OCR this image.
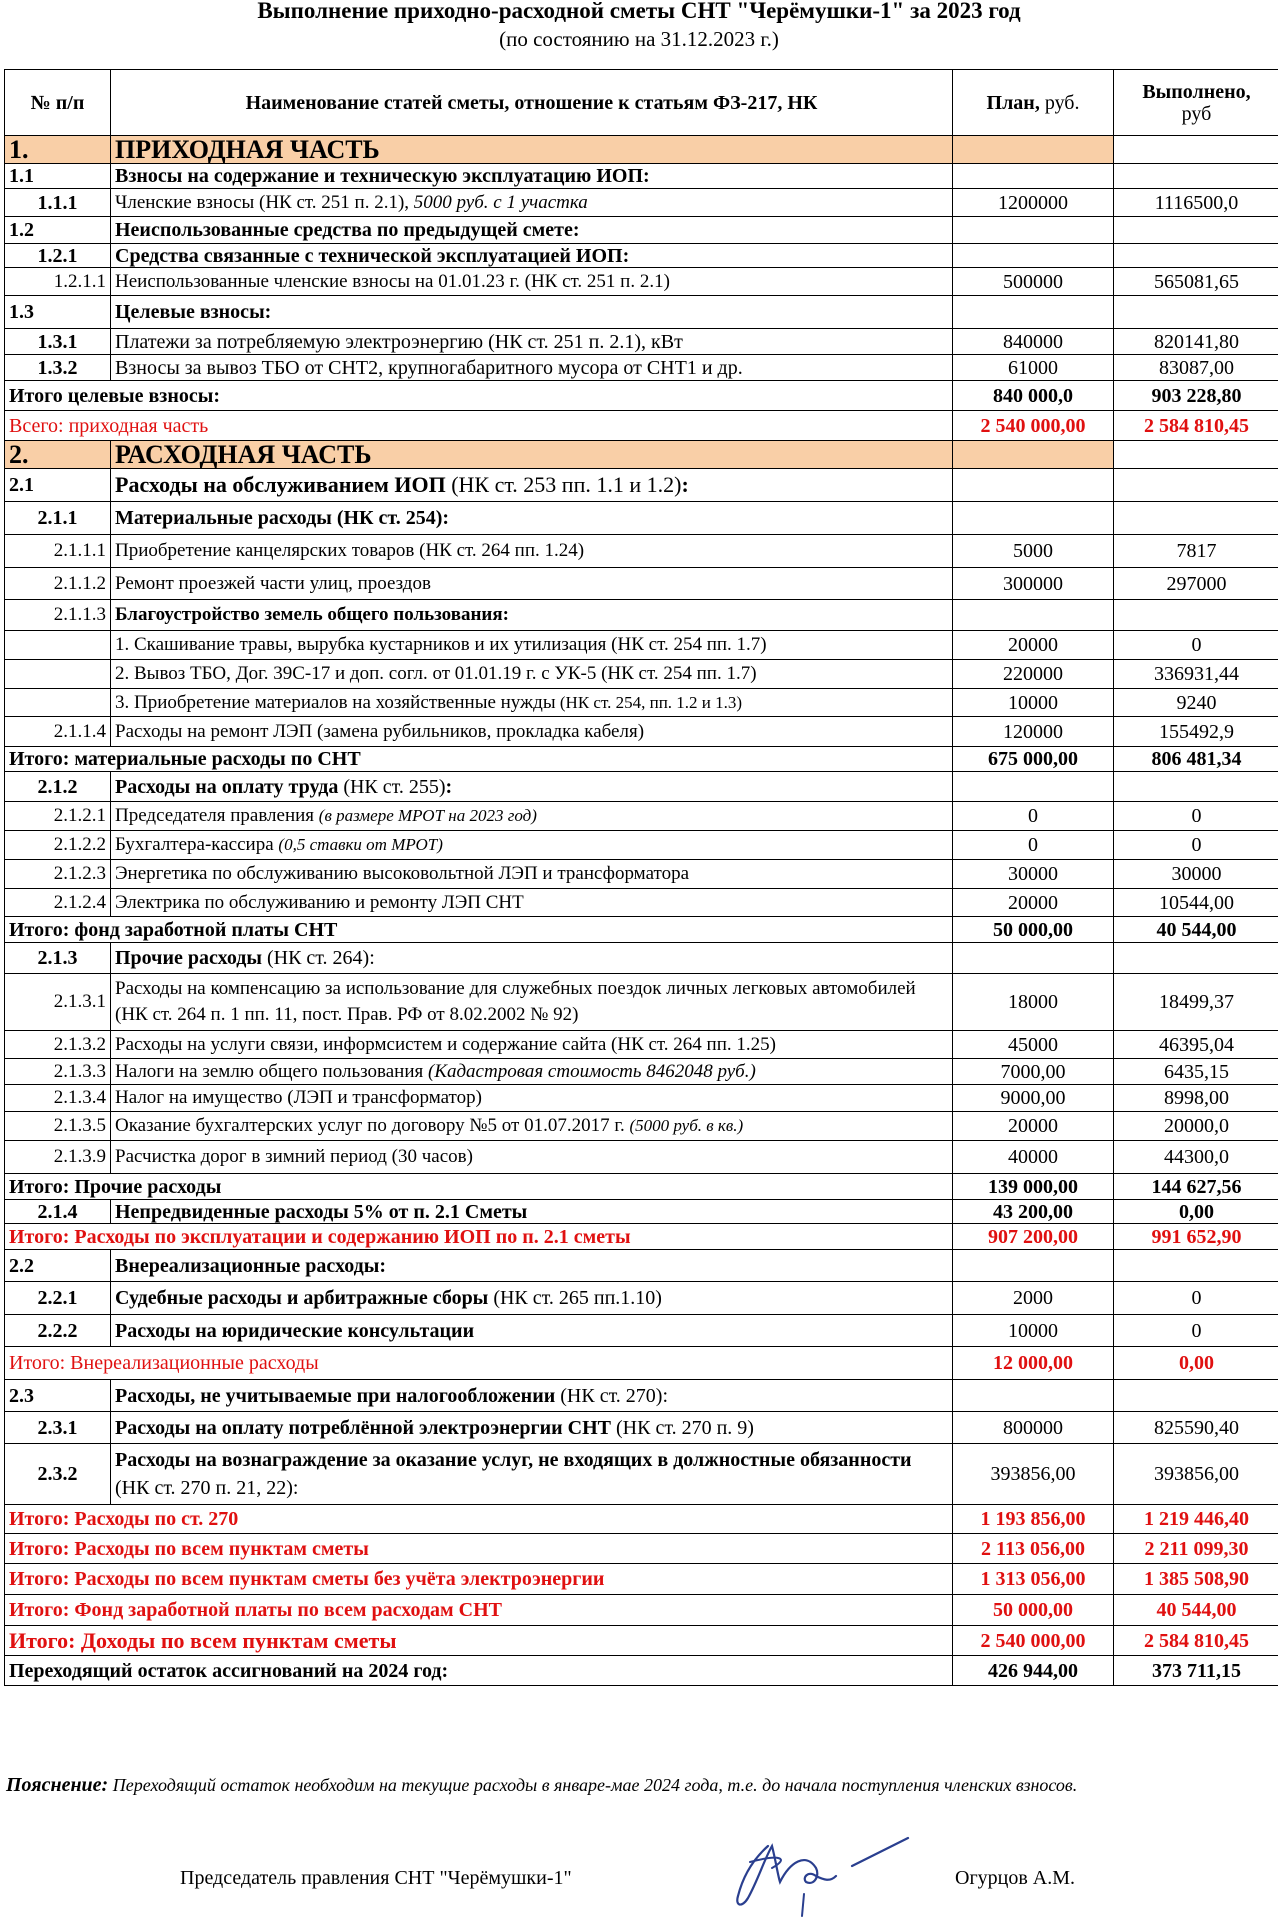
Выполнение приходно-расходной сметы СНТ "Черёмушки-1" за 2023 год
(по состоянию на 31.12.2023 г.)
№ п/п	Наименование статей сметы, отношение к статьям ФЗ-217, НК	План, руб.	Выполнено,
руб
1.	ПРИХОДНАЯ ЧАСТЬ		
1.1	Взносы на содержание и техническую эксплуатацию ИОП:		
1.1.1	Членские взносы (НК ст. 251 п. 2.1), 5000 руб. с 1 участка	1200000	1116500,0
1.2	Неиспользованные средства по предыдущей смете:		
1.2.1	Средства связанные с технической эксплуатацией ИОП:		
1.2.1.1	Неиспользованные членские взносы на 01.01.23 г. (НК ст. 251 п. 2.1)	500000	565081,65
1.3	Целевые взносы:		
1.3.1	Платежи за потребляемую электроэнергию (НК ст. 251 п. 2.1), кВт	840000	820141,80
1.3.2	Взносы за вывоз ТБО от СНТ2, крупногабаритного мусора от СНТ1 и др.	61000	83087,00
Итого целевые взносы:		840 000,0	903 228,80
Всего: приходная часть		2 540 000,00	2 584 810,45
2.	РАСХОДНАЯ ЧАСТЬ		
2.1	Расходы на обслуживанием ИОП (НК ст. 253 пп. 1.1 и 1.2):		
2.1.1	Материальные расходы (НК ст. 254):		
2.1.1.1	Приобретение канцелярских товаров (НК ст. 264 пп. 1.24)	5000	7817
2.1.1.2	Ремонт проезжей части улиц, проездов	300000	297000
2.1.1.3	Благоустройство земель общего пользования:		
	1. Скашивание травы, вырубка кустарников и их утилизация (НК ст. 254 пп. 1.7)	20000	0
	2. Вывоз ТБО, Дог. 39С-17 и доп. согл. от 01.01.19 г. с УК-5 (НК ст. 254 пп. 1.7)	220000	336931,44
	3. Приобретение материалов на хозяйственные нужды (НК ст. 254, пп. 1.2 и 1.3)	10000	9240
2.1.1.4	Расходы на ремонт ЛЭП (замена рубильников, прокладка кабеля)	120000	155492,9
Итого: материальные расходы по СНТ		675 000,00	806 481,34
2.1.2	Расходы на оплату труда (НК ст. 255):		
2.1.2.1	Председателя правления (в размере МРОТ на 2023 год)	0	0
2.1.2.2	Бухгалтера-кассира (0,5 ставки от МРОТ)	0	0
2.1.2.3	Энергетика по обслуживанию высоковольтной ЛЭП и трансформатора	30000	30000
2.1.2.4	Электрика по обслуживанию и ремонту ЛЭП СНТ	20000	10544,00
Итого: фонд заработной платы СНТ		50 000,00	40 544,00
2.1.3	Прочие расходы (НК ст. 264):		
2.1.3.1	Расходы на компенсацию за использование для служебных поездок личных легковых автомобилей (НК ст. 264 п. 1 пп. 11, пост. Прав. РФ от 8.02.2002 № 92)	18000	18499,37
2.1.3.2	Расходы на услуги связи, информсистем и содержание сайта (НК ст. 264 пп. 1.25)	45000	46395,04
2.1.3.3	Налоги на землю общего пользования (Кадастровая стоимость 8462048 руб.)	7000,00	6435,15
2.1.3.4	Налог на имущество (ЛЭП и трансформатор)	9000,00	8998,00
2.1.3.5	Оказание бухгалтерских услуг по договору №5 от 01.07.2017 г. (5000 руб. в кв.)	20000	20000,0
2.1.3.9	Расчистка дорог в зимний период (30 часов)	40000	44300,0
Итого: Прочие расходы		139 000,00	144 627,56
2.1.4	Непредвиденные расходы 5% от п. 2.1 Сметы	43 200,00	0,00
Итого: Расходы по эксплуатации и содержанию ИОП по п. 2.1 сметы		907 200,00	991 652,90
2.2	Внереализационные расходы:		
2.2.1	Судебные расходы и арбитражные сборы (НК ст. 265 пп.1.10)	2000	0
2.2.2	Расходы на юридические консультации	10000	0
Итого: Внереализационные расходы		12 000,00	0,00
2.3	Расходы, не учитываемые при налогообложении (НК ст. 270):		
2.3.1	Расходы на оплату потреблённой электроэнергии СНТ (НК ст. 270 п. 9)	800000	825590,40
2.3.2	Расходы на вознаграждение за оказание услуг, не входящих в должностные обязанности (НК ст. 270 п. 21, 22):	393856,00	393856,00
Итого: Расходы по ст. 270		1 193 856,00	1 219 446,40
Итого: Расходы по всем пунктам сметы		2 113 056,00	2 211 099,30
Итого: Расходы по всем пунктам сметы без учёта электроэнергии		1 313 056,00	1 385 508,90
Итого: Фонд заработной платы по всем расходам СНТ		50 000,00	40 544,00
Итого: Доходы по всем пунктам сметы		2 540 000,00	2 584 810,45
Переходящий остаток ассигнований на 2024 год:		426 944,00	373 711,15
Пояснение: Переходящий остаток необходим на текущие расходы в январе-мае 2024 года, т.е. до начала поступления членских взносов.
Председатель правления СНТ "Черёмушки-1"	Огурцов А.М.
